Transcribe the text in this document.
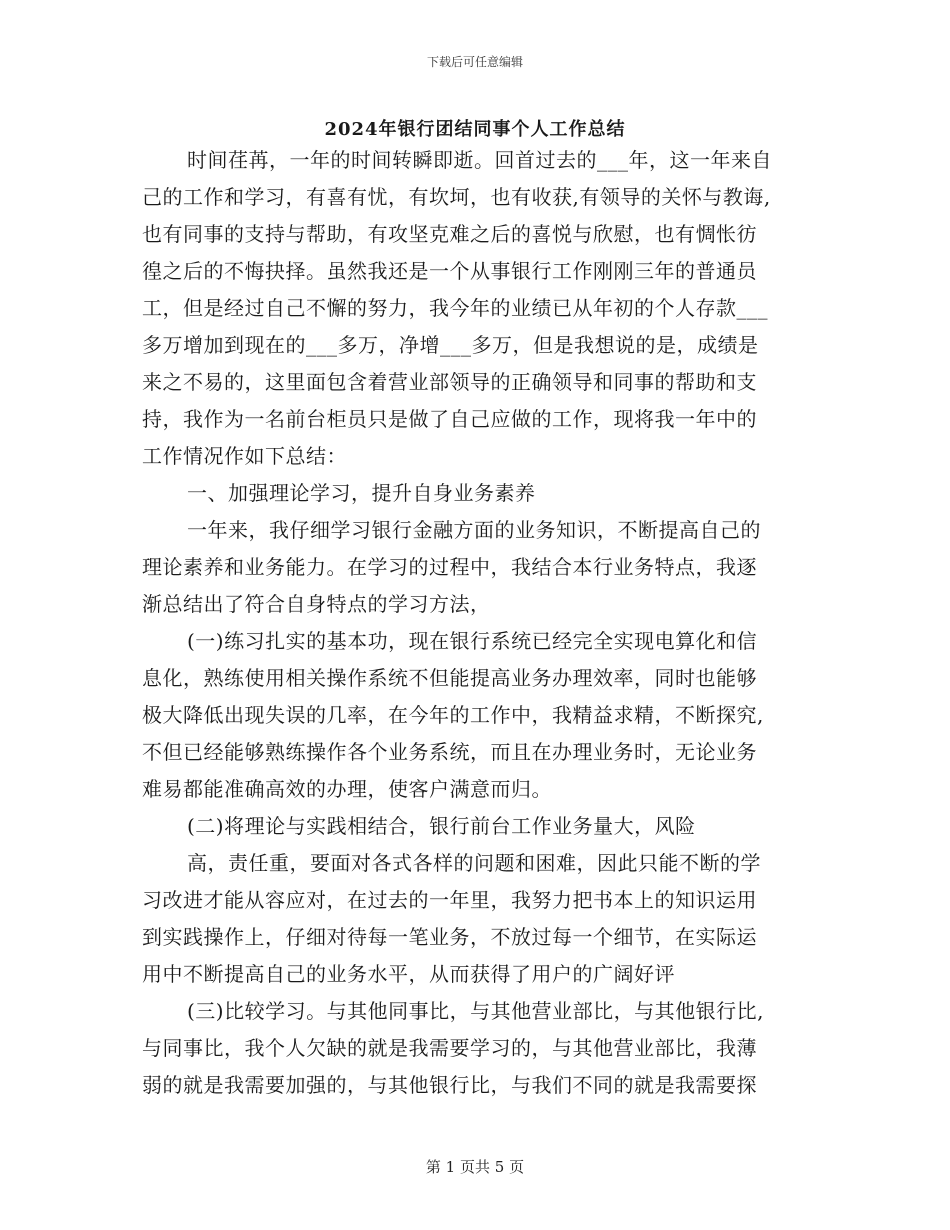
下载后可任意编辑
2024年银行团结同事个人工作总结
时间荏苒，一年的时间转瞬即逝。回首过去的___年，这一年来自
己的工作和学习，有喜有忧，有坎坷，也有收获,有领导的关怀与教诲,
也有同事的支持与帮助，有攻坚克难之后的喜悦与欣慰，也有惆怅彷
徨之后的不悔抉择。虽然我还是一个从事银行工作刚刚三年的普通员
工，但是经过自己不懈的努力，我今年的业绩已从年初的个人存款___
多万增加到现在的___多万，净增___多万，但是我想说的是，成绩是
来之不易的，这里面包含着营业部领导的正确领导和同事的帮助和支
持，我作为一名前台柜员只是做了自己应做的工作，现将我一年中的
工作情况作如下总结：
一、加强理论学习，提升自身业务素养
一年来，我仔细学习银行金融方面的业务知识，不断提高自己的
理论素养和业务能力。在学习的过程中，我结合本行业务特点，我逐
渐总结出了符合自身特点的学习方法，
(一)练习扎实的基本功，现在银行系统已经完全实现电算化和信
息化，熟练使用相关操作系统不但能提高业务办理效率，同时也能够
极大降低出现失误的几率，在今年的工作中，我精益求精，不断探究,
不但已经能够熟练操作各个业务系统，而且在办理业务时，无论业务
难易都能准确高效的办理，使客户满意而归。
(二)将理论与实践相结合，银行前台工作业务量大，风险
高，责任重，要面对各式各样的问题和困难，因此只能不断的学
习改进才能从容应对，在过去的一年里，我努力把书本上的知识运用
到实践操作上，仔细对待每一笔业务，不放过每一个细节，在实际运
用中不断提高自己的业务水平，从而获得了用户的广阔好评
(三)比较学习。与其他同事比，与其他营业部比，与其他银行比,
与同事比，我个人欠缺的就是我需要学习的，与其他营业部比，我薄
弱的就是我需要加强的，与其他银行比，与我们不同的就是我需要探
第 1 页共 5 页
